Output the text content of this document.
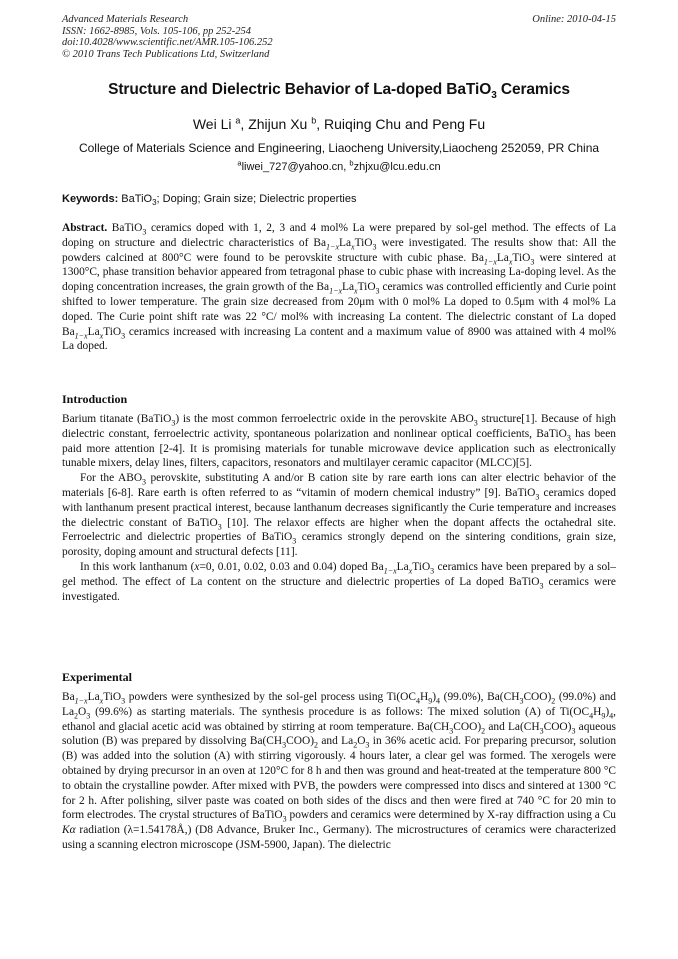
Advanced Materials Research
ISSN: 1662-8985, Vols. 105-106, pp 252-254
doi:10.4028/www.scientific.net/AMR.105-106.252
© 2010 Trans Tech Publications Ltd, Switzerland
Online: 2010-04-15
Structure and Dielectric Behavior of La-doped BaTiO$_3$ Ceramics
Wei Li $^a$, Zhijun Xu $^b$, Ruiqing Chu and Peng Fu
College of Materials Science and Engineering, Liaocheng University,Liaocheng 252059, PR China
$^a$liwei_727@yahoo.cn, $^b$zhjxu@lcu.edu.cn
Keywords: BaTiO$_3$; Doping; Grain size; Dielectric properties

Abstract. BaTiO$_3$ ceramics doped with 1, 2, 3 and 4 mol% La were prepared by sol-gel method. The effects of La doping on structure and dielectric characteristics of $Ba_{1-x}La_xTiO_3$ were investigated. The results show that: All the powders calcined at 800°C were found to be perovskite structure with cubic phase. $Ba_{1-x}La_xTiO_3$ were sintered at 1300°C, phase transition behavior appeared from tetragonal phase to cubic phase with increasing La-doping level. As the doping concentration increases, the grain growth of the $Ba_{1-x}La_xTiO_3$ ceramics was controlled efficiently and Curie point shifted to lower temperature. The grain size decreased from 20μm with 0 mol% La doped to 0.5μm with 4 mol% La doped. The Curie point shift rate was 22 °C/ mol% with increasing La content. The dielectric constant of La doped $Ba_{1-x}La_xTiO_3$ ceramics increased with increasing La content and a maximum value of 8900 was attained with 4 mol% La doped.

Introduction

Barium titanate (BaTiO$_3$) is the most common ferroelectric oxide in the perovskite $ABO_3$ structure[1]. Because of high dielectric constant, ferroelectric activity, spontaneous polarization and nonlinear optical coefficients, BaTiO$_3$ has been paid more attention [2-4]. It is promising materials for tunable microwave device application such as electronically tunable mixers, delay lines, filters, capacitors, resonators and multilayer ceramic capacitor (MLCC)[5].

For the $ABO_3$ perovskite, substituting A and/or B cation site by rare earth ions can alter electric behavior of the materials [6-8]. Rare earth is often referred to as “vitamin of modern chemical industry” [9]. BaTiO$_3$ ceramics doped with lanthanum present practical interest, because lanthanum decreases significantly the Curie temperature and increases the dielectric constant of BaTiO$_3$ [10]. The relaxor effects are higher when the dopant affects the octahedral site. Ferroelectric and dielectric properties of BaTiO$_3$ ceramics strongly depend on the sintering conditions, grain size, porosity, doping amount and structural defects [11].

In this work lanthanum (x=0, 0.01, 0.02, 0.03 and 0.04) doped $Ba_{1-x}La_xTiO_3$ ceramics have been prepared by a sol–gel method. The effect of La content on the structure and dielectric properties of La doped BaTiO$_3$ ceramics were investigated.

Experimental

$Ba_{1-x}La_xTiO_3$ powders were synthesized by the sol-gel process using $Ti(OC_4H_9)_4$ (99.0%), $Ba(CH_3COO)_2$ (99.0%) and $La_2O_3$ (99.6%) as starting materials. The synthesis procedure is as follows: The mixed solution (A) of $Ti(OC_4H_9)_4$, ethanol and glacial acetic acid was obtained by stirring at room temperature. $Ba(CH_3COO)_2$ and $La(CH_3COO)_3$ aqueous solution (B) was prepared by dissolving $Ba(CH_3COO)_2$ and $La_2O_3$ in 36% acetic acid. For preparing precursor, solution (B) was added into the solution (A) with stirring vigorously. 4 hours later, a clear gel was formed. The xerogels were obtained by drying precursor in an oven at 120°C for 8 h and then was ground and heat-treated at the temperature 800 °C to obtain the crystalline powder. After mixed with PVB, the powders were compressed into discs and sintered at 1300 °C for 2 h. After polishing, silver paste was coated on both sides of the discs and then were fired at 740 °C for 20 min to form electrodes. The crystal structures of BaTiO$_3$ powders and ceramics were determined by X-ray diffraction using a Cu Kα radiation (λ=1.54178Å,) (D8 Advance, Bruker Inc., Germany). The microstructures of ceramics were characterized using a scanning electron microscope (JSM-5900, Japan). The dielectric
